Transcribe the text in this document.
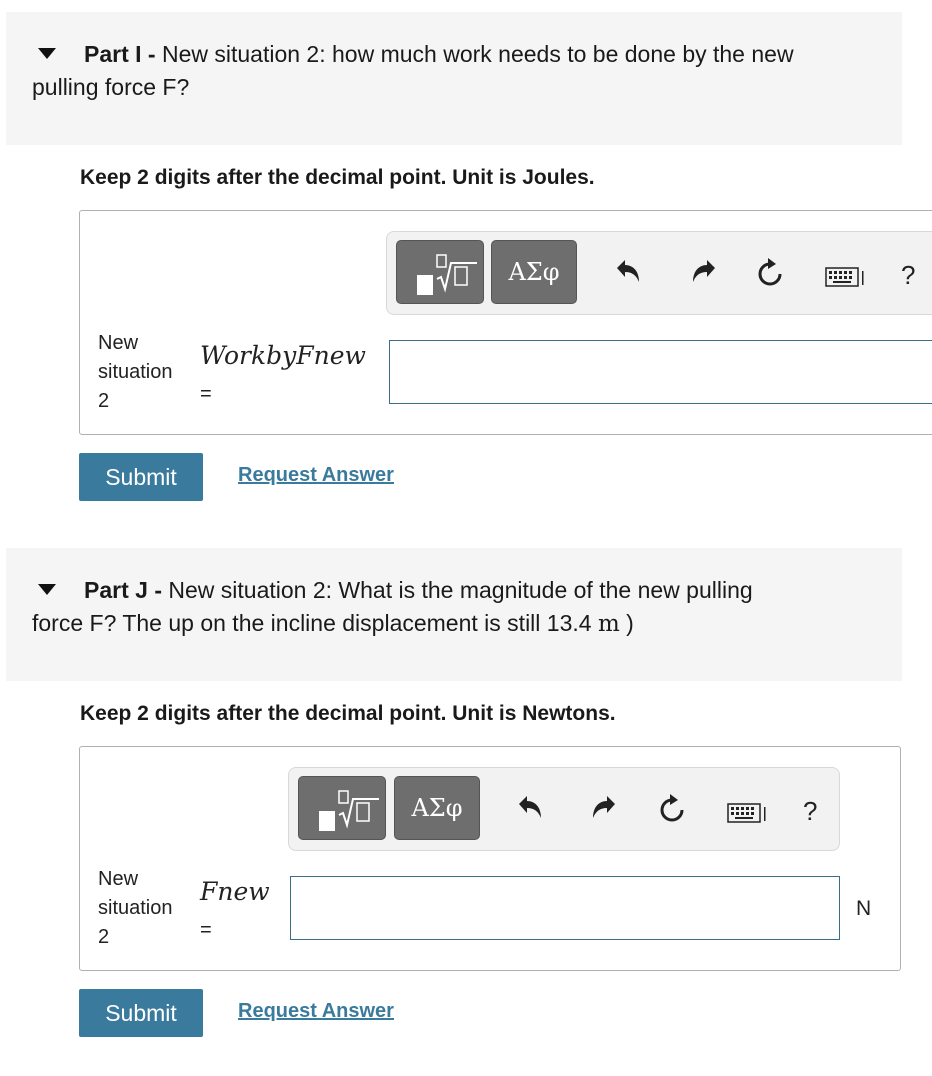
Part I - New situation 2: how much work needs to be done by the new
pulling force F?
Keep 2 digits after the decimal point. Unit is Joules.
ΑΣφ	?
New
situation
2
WorkbyFnew
=
Submit	Request Answer
Part J - New situation 2: What is the magnitude of the new pulling
force F? The up on the incline displacement is still 13.4 m )
Keep 2 digits after the decimal point. Unit is Newtons.
ΑΣφ	?
New
situation
2
Fnew
=
N
Submit	Request Answer
